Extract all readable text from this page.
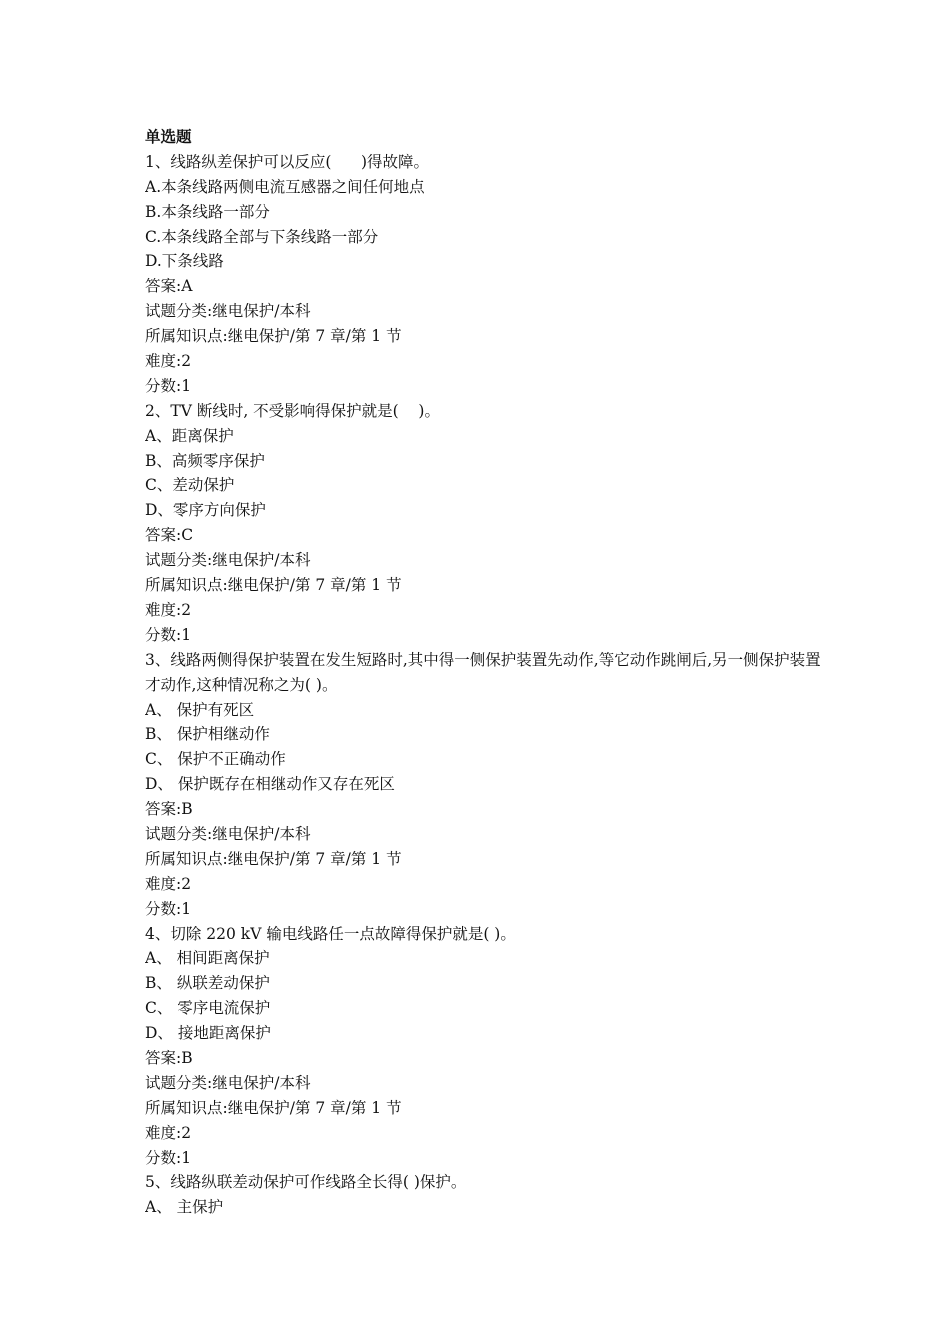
单选题
1、线路纵差保护可以反应(      )得故障。
A.本条线路两侧电流互感器之间任何地点
B.本条线路一部分
C.本条线路全部与下条线路一部分
D.下条线路
答案:A
试题分类:继电保护/本科
所属知识点:继电保护/第 7 章/第 1 节
难度:2
分数:1
2、TV 断线时, 不受影响得保护就是(    )。
A、距离保护
B、高频零序保护
C、差动保护
D、零序方向保护
答案:C
试题分类:继电保护/本科
所属知识点:继电保护/第 7 章/第 1 节
难度:2
分数:1
3、线路两侧得保护装置在发生短路时,其中得一侧保护装置先动作,等它动作跳闸后,另一侧保护装置才动作,这种情况称之为( )。
A、 保护有死区
B、 保护相继动作
C、 保护不正确动作
D、 保护既存在相继动作又存在死区
答案:B
试题分类:继电保护/本科
所属知识点:继电保护/第 7 章/第 1 节
难度:2
分数:1
4、切除 220 kV 输电线路任一点故障得保护就是( )。
A、 相间距离保护
B、 纵联差动保护
C、 零序电流保护
D、 接地距离保护
答案:B
试题分类:继电保护/本科
所属知识点:继电保护/第 7 章/第 1 节
难度:2
分数:1
5、线路纵联差动保护可作线路全长得( )保护。
A、 主保护
